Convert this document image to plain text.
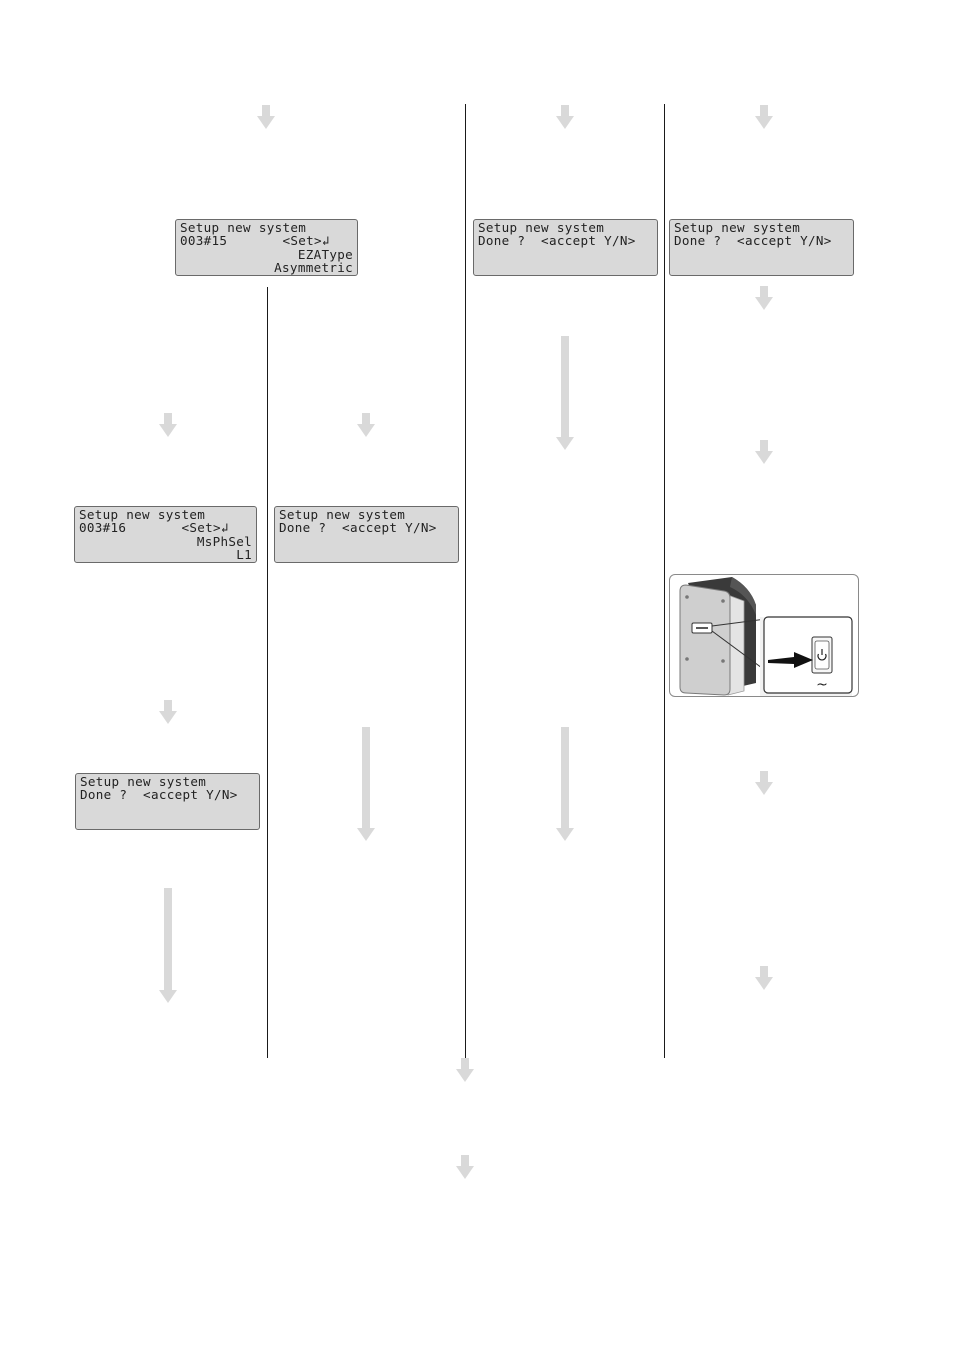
Setup new system
003#15       <Set>↲
EZAType
Asymmetric
Setup new system
Done ?  <accept Y/N>
Setup new system
Done ?  <accept Y/N>
Setup new system
003#16       <Set>↲
MsPhSel
L1
Setup new system
Done ?  <accept Y/N>
Setup new system
Done ?  <accept Y/N>
~
